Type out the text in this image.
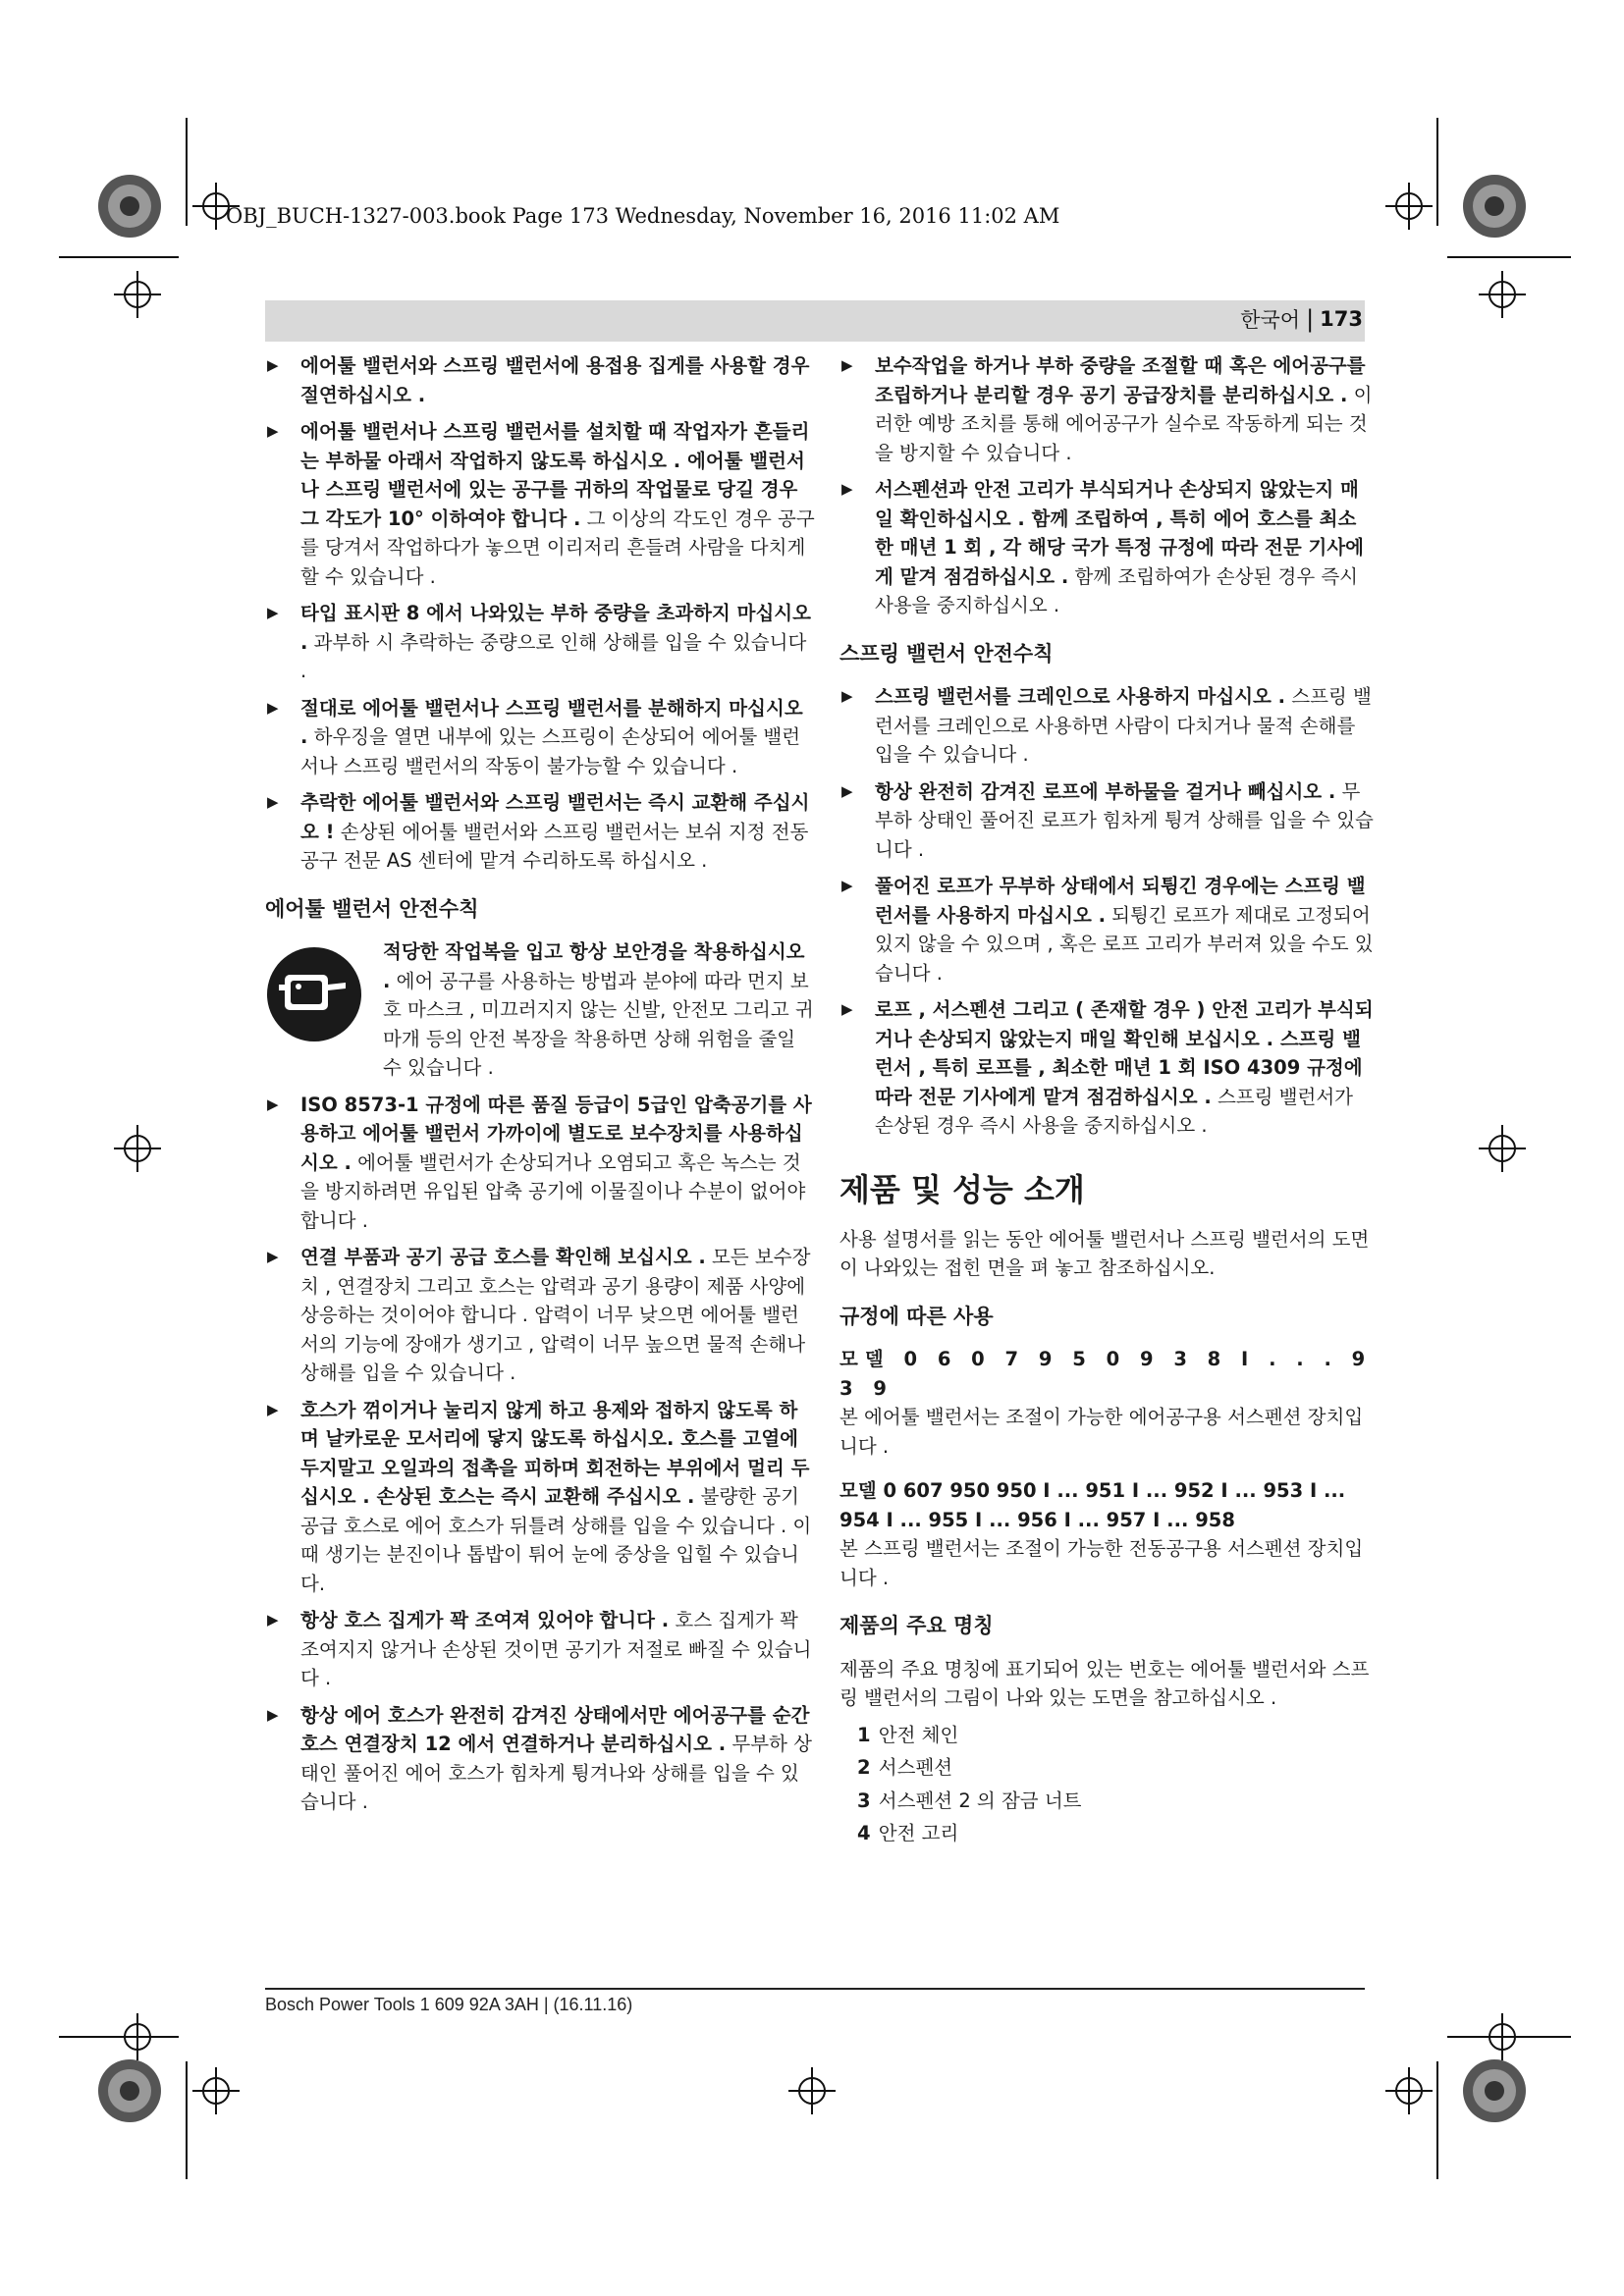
OBJ_BUCH-1327-003.book Page 173 Wednesday, November 16, 2016 11:02 AM
한국어 | 173
▶ 에어툴 밸런서와 스프링 밸런서에 용접용 집게를 사용할 경우 절연하십시오 .
▶ 에어툴 밸런서나 스프링 밸런서를 설치할 때 작업자가 흔들리는 부하물 아래서 작업하지 않도록 하십시오 . 에어툴 밸런서나 스프링 밸런서에 있는 공구를 귀하의 작업물로 당길 경우 그 각도가 10° 이하여야 합니다 . 그 이상의 각도인 경우 공구를 당겨서 작업하다가 놓으면 이리저리 흔들려 사람을 다치게 할 수 있습니다 .
▶ 타입 표시판 8 에서 나와있는 부하 중량을 초과하지 마십시오 . 과부하 시 추락하는 중량으로 인해 상해를 입을 수 있습니다 .
▶ 절대로 에어툴 밸런서나 스프링 밸런서를 분해하지 마십시오 . 하우징을 열면 내부에 있는 스프링이 손상되어 에어툴 밸런서나 스프링 밸런서의 작동이 불가능할 수 있습니다 .
▶ 추락한 에어툴 밸런서와 스프링 밸런서는 즉시 교환해 주십시오 ! 손상된 에어툴 밸런서와 스프링 밸런서는 보쉬 지정 전동공구 전문 AS 센터에 맡겨 수리하도록 하십시오 .
에어툴 밸런서 안전수칙
적당한 작업복을 입고 항상 보안경을 착용하십시오 . 에어 공구를 사용하는 방법과 분야에 따라 먼지 보호 마스크 , 미끄러지지 않는 신발, 안전모 그리고 귀마개 등의 안전 복장을 착용하면 상해 위험을 줄일 수 있습니다 .
▶ ISO 8573-1 규정에 따른 품질 등급이 5급인 압축공기를 사용하고 에어툴 밸런서 가까이에 별도로 보수장치를 사용하십시오 . 에어툴 밸런서가 손상되거나 오염되고 혹은 녹스는 것을 방지하려면 유입된 압축 공기에 이물질이나 수분이 없어야 합니다 .
▶ 연결 부품과 공기 공급 호스를 확인해 보십시오 . 모든 보수장치 , 연결장치 그리고 호스는 압력과 공기 용량이 제품 사양에 상응하는 것이어야 합니다 . 압력이 너무 낮으면 에어툴 밸런서의 기능에 장애가 생기고 , 압력이 너무 높으면 물적 손해나 상해를 입을 수 있습니다 .
▶ 호스가 꺾이거나 눌리지 않게 하고 용제와 접하지 않도록 하며 날카로운 모서리에 닿지 않도록 하십시오. 호스를 고열에 두지말고 오일과의 접촉을 피하며 회전하는 부위에서 멀리 두십시오 . 손상된 호스는 즉시 교환해 주십시오 . 불량한 공기 공급 호스로 에어 호스가 뒤틀려 상해를 입을 수 있습니다 . 이때 생기는 분진이나 톱밥이 튀어 눈에 중상을 입힐 수 있습니다.
▶ 항상 호스 집게가 꽉 조여져 있어야 합니다 . 호스 집게가 꽉 조여지지 않거나 손상된 것이면 공기가 저절로 빠질 수 있습니다 .
▶ 항상 에어 호스가 완전히 감겨진 상태에서만 에어공구를 순간 호스 연결장치 12 에서 연결하거나 분리하십시오 . 무부하 상태인 풀어진 에어 호스가 힘차게 튕겨나와 상해를 입을 수 있습니다 .
▶ 보수작업을 하거나 부하 중량을 조절할 때 혹은 에어공구를 조립하거나 분리할 경우 공기 공급장치를 분리하십시오 . 이러한 예방 조치를 통해 에어공구가 실수로 작동하게 되는 것을 방지할 수 있습니다 .
▶ 서스펜션과 안전 고리가 부식되거나 손상되지 않았는지 매일 확인하십시오 . 함께 조립하여 , 특히 에어 호스를 최소한 매년 1 회 , 각 해당 국가 특정 규정에 따라 전문 기사에게 맡겨 점검하십시오 . 함께 조립하여가 손상된 경우 즉시 사용을 중지하십시오 .
스프링 밸런서 안전수칙
▶ 스프링 밸런서를 크레인으로 사용하지 마십시오 . 스프링 밸런서를 크레인으로 사용하면 사람이 다치거나 물적 손해를 입을 수 있습니다 .
▶ 항상 완전히 감겨진 로프에 부하물을 걸거나 빼십시오 . 무부하 상태인 풀어진 로프가 힘차게 튕겨 상해를 입을 수 있습니다 .
▶ 풀어진 로프가 무부하 상태에서 되튕긴 경우에는 스프링 밸런서를 사용하지 마십시오 . 되튕긴 로프가 제대로 고정되어 있지 않을 수 있으며 , 혹은 로프 고리가 부러져 있을 수도 있습니다 .
▶ 로프 , 서스펜션 그리고 ( 존재할 경우 ) 안전 고리가 부식되거나 손상되지 않았는지 매일 확인해 보십시오 . 스프링 밸런서 , 특히 로프를 , 최소한 매년 1 회 ISO 4309 규정에 따라 전문 기사에게 맡겨 점검하십시오 . 스프링 밸런서가 손상된 경우 즉시 사용을 중지하십시오 .
제품 및 성능 소개
사용 설명서를 읽는 동안 에어툴 밸런서나 스프링 밸런서의 도면이 나와있는 접힌 면을 펴 놓고 참조하십시오.
규정에 따른 사용
모델 0 6 0 7 9 5 0 9 3 8 I . . . 9 3 9
본 에어툴 밸런서는 조절이 가능한 에어공구용 서스펜션 장치입니다 .
모델 0 607 950 950 I ... 951 I ... 952 I ... 953 I ... 954 I ... 955 I ... 956 I ... 957 I ... 958
본 스프링 밸런서는 조절이 가능한 전동공구용 서스펜션 장치입니다 .
제품의 주요 명칭
제품의 주요 명칭에 표기되어 있는 번호는 에어툴 밸런서와 스프링 밸런서의 그림이 나와 있는 도면을 참고하십시오 .
1 안전 체인
2 서스펜션
3 서스펜션 2 의 잠금 너트
4 안전 고리
Bosch Power Tools 1 609 92A 3AH | (16.11.16)
